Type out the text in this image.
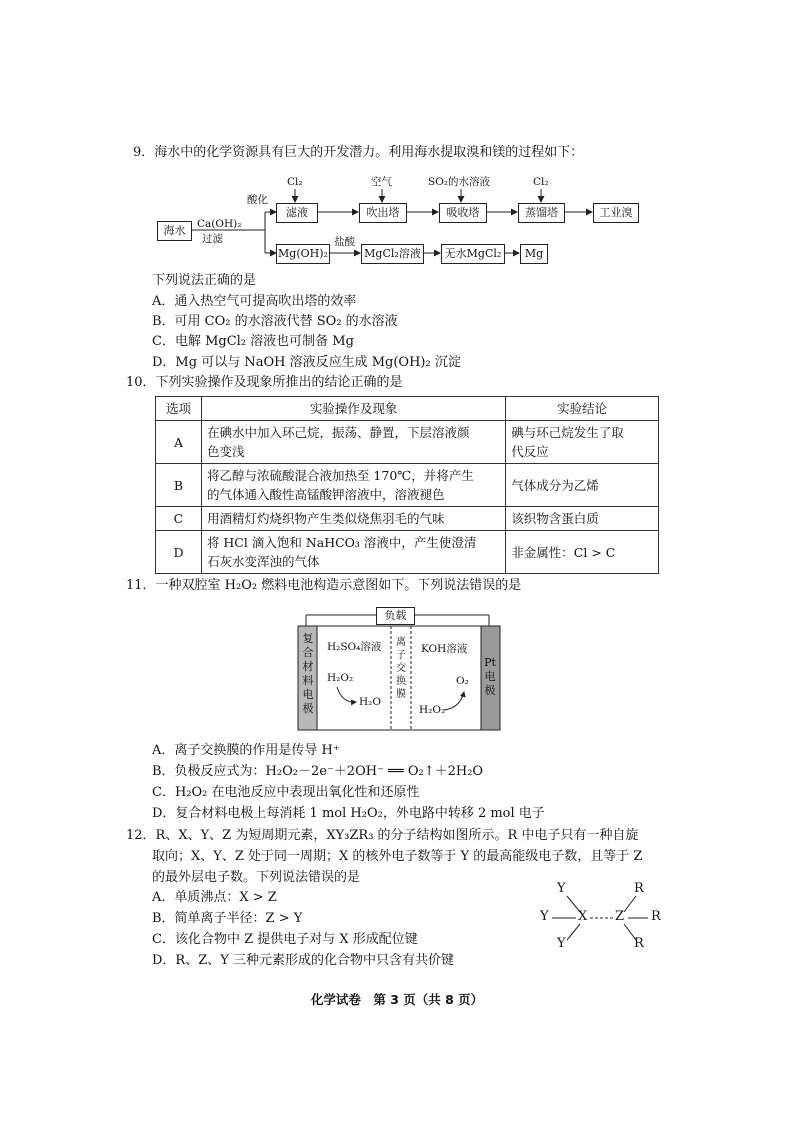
9．海水中的化学资源具有巨大的开发潜力。利用海水提取溴和镁的过程如下：
海水	Ca(OH)₂
过滤
酸化
滤液	吹出塔	吸收塔	蒸馏塔	工业溴
Cl₂	空气	SO₂的水溶液	Cl₂
Mg(OH)₂
盐酸
MgCl₂溶液	无水MgCl₂	Mg
下列说法正确的是
A．通入热空气可提高吹出塔的效率
B．可用 CO₂ 的水溶液代替 SO₂ 的水溶液
C．电解 MgCl₂ 溶液也可制备 Mg
D．Mg 可以与 NaOH 溶液反应生成 Mg(OH)₂ 沉淀
10．下列实验操作及现象所推出的结论正确的是
选项	实验操作及现象	实验结论
A	在碘水中加入环己烷，振荡、静置，下层溶液颜
色变浅	碘与环己烷发生了取
代反应
B	将乙醇与浓硫酸混合液加热至 170℃，并将产生
的气体通入酸性高锰酸钾溶液中，溶液褪色	气体成分为乙烯
C	用酒精灯灼烧织物产生类似烧焦羽毛的气味	该织物含蛋白质
D	将 HCl 滴入饱和 NaHCO₃ 溶液中，产生使澄清
石灰水变浑浊的气体	非金属性：Cl > C
11．一种双腔室 H₂O₂ 燃料电池构造示意图如下。下列说法错误的是
负载
复
合
材
料
电
极
离
子
交
换
膜
Pt
电
极
H₂SO₄溶液	KOH溶液
H₂O₂
H₂O
O₂
H₂O₂
A．离子交换膜的作用是传导 H⁺
B．负极反应式为：H₂O₂－2e⁻＋2OH⁻ ══ O₂↑＋2H₂O
C．H₂O₂ 在电池反应中表现出氧化性和还原性
D．复合材料电极上每消耗 1 mol H₂O₂，外电路中转移 2 mol 电子
12．R、X、Y、Z 为短周期元素，XY₃ZR₃ 的分子结构如图所示。R 中电子只有一种自旋
取向；X、Y、Z 处于同一周期；X 的核外电子数等于 Y 的最高能级电子数，且等于 Z
的最外层电子数。下列说法错误的是
A．单质沸点：X > Z
B．简单离子半径：Z > Y
C．该化合物中 Z 提供电子对与 X 形成配位键
D．R、Z、Y 三种元素形成的化合物中只含有共价键
Y
Y
Y
X Z
R
R
R
化学试卷　第 3 页（共 8 页）
